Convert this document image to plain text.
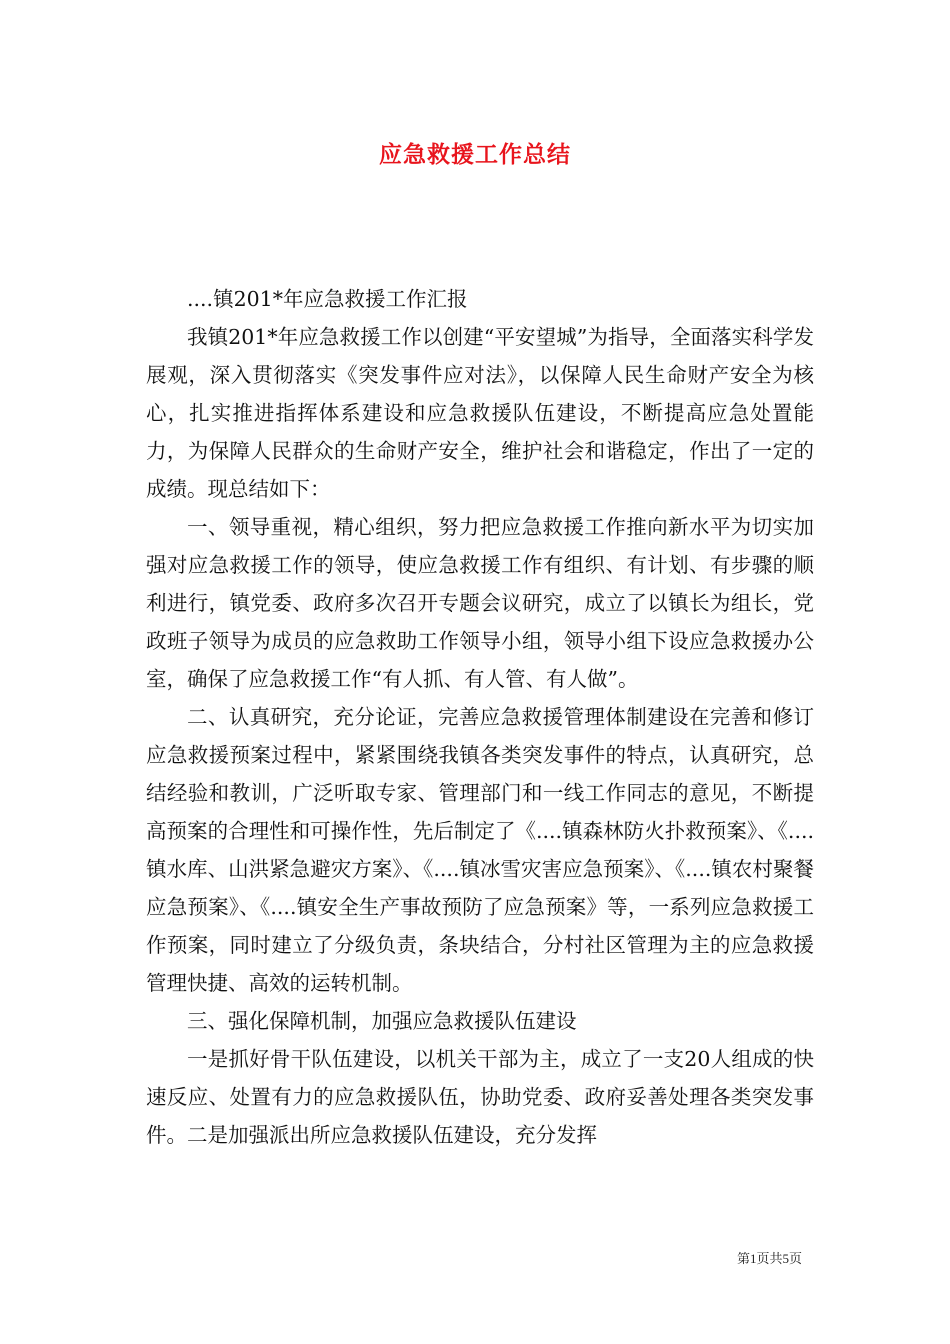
应急救援工作总结

....镇201*年应急救援工作汇报

我镇201*年应急救援工作以创建“平安望城”为指导，全面落实科学发展观，深入贯彻落实《突发事件应对法》，以保障人民生命财产安全为核心，扎实推进指挥体系建设和应急救援队伍建设，不断提高应急处置能力，为保障人民群众的生命财产安全，维护社会和谐稳定，作出了一定的成绩。现总结如下：

一、领导重视，精心组织，努力把应急救援工作推向新水平为切实加强对应急救援工作的领导，使应急救援工作有组织、有计划、有步骤的顺利进行，镇党委、政府多次召开专题会议研究，成立了以镇长为组长，党政班子领导为成员的应急救助工作领导小组，领导小组下设应急救援办公室，确保了应急救援工作“有人抓、有人管、有人做”。

二、认真研究，充分论证，完善应急救援管理体制建设在完善和修订应急救援预案过程中，紧紧围绕我镇各类突发事件的特点，认真研究，总结经验和教训，广泛听取专家、管理部门和一线工作同志的意见，不断提高预案的合理性和可操作性，先后制定了《....镇森林防火扑救预案》、《....镇水库、山洪紧急避灾方案》、《....镇冰雪灾害应急预案》、《....镇农村聚餐应急预案》、《....镇安全生产事故预防了应急预案》等，一系列应急救援工作预案，同时建立了分级负责，条块结合，分村社区管理为主的应急救援管理快捷、高效的运转机制。

三、强化保障机制，加强应急救援队伍建设

一是抓好骨干队伍建设，以机关干部为主，成立了一支20人组成的快速反应、处置有力的应急救援队伍，协助党委、政府妥善处理各类突发事件。二是加强派出所应急救援队伍建设，充分发挥

第1页共5页
